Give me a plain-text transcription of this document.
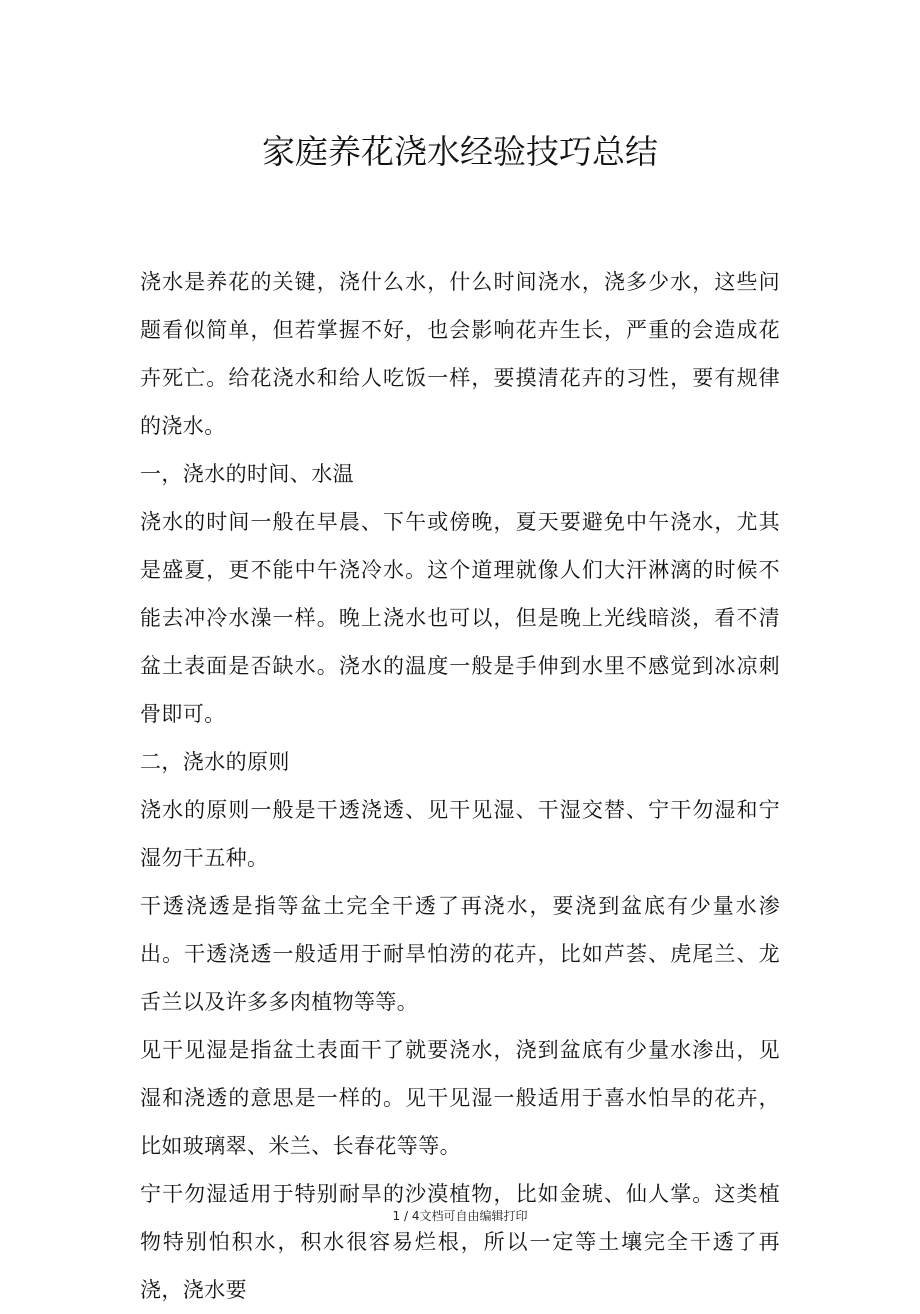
家庭养花浇水经验技巧总结

浇水是养花的关键，浇什么水，什么时间浇水，浇多少水，这些问题看似简单，但若掌握不好，也会影响花卉生长，严重的会造成花卉死亡。给花浇水和给人吃饭一样，要摸清花卉的习性，要有规律的浇水。

一，浇水的时间、水温

浇水的时间一般在早晨、下午或傍晚，夏天要避免中午浇水，尤其是盛夏，更不能中午浇冷水。这个道理就像人们大汗淋漓的时候不能去冲冷水澡一样。晚上浇水也可以，但是晚上光线暗淡，看不清盆土表面是否缺水。浇水的温度一般是手伸到水里不感觉到冰凉刺骨即可。

二，浇水的原则

浇水的原则一般是干透浇透、见干见湿、干湿交替、宁干勿湿和宁湿勿干五种。

干透浇透是指等盆土完全干透了再浇水，要浇到盆底有少量水渗出。干透浇透一般适用于耐旱怕涝的花卉，比如芦荟、虎尾兰、龙舌兰以及许多多肉植物等等。

见干见湿是指盆土表面干了就要浇水，浇到盆底有少量水渗出，见湿和浇透的意思是一样的。见干见湿一般适用于喜水怕旱的花卉，比如玻璃翠、米兰、长春花等等。

宁干勿湿适用于特别耐旱的沙漠植物，比如金琥、仙人掌。这类植物特别怕积水，积水很容易烂根，所以一定等土壤完全干透了再浇，浇水要

1 / 4文档可自由编辑打印
